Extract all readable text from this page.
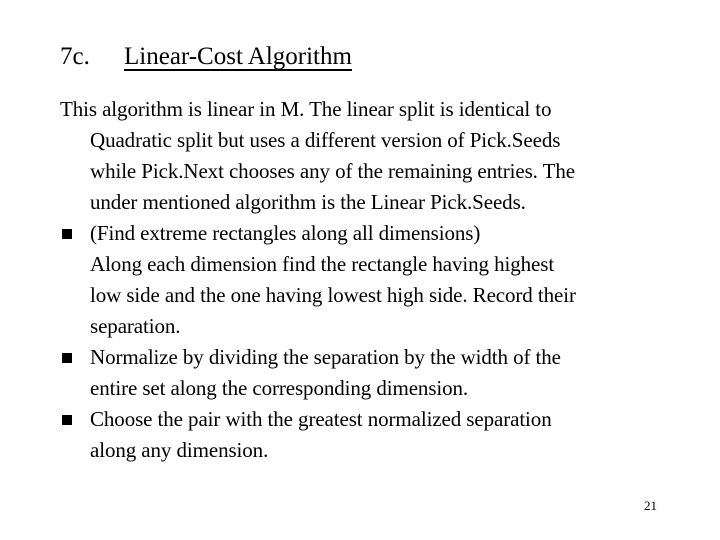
7c. Linear-Cost Algorithm
This algorithm is linear in M. The linear split is identical to
Quadratic split but uses a different version of Pick.Seeds
while Pick.Next chooses any of the remaining entries. The
under mentioned algorithm is the Linear Pick.Seeds.
(Find extreme rectangles along all dimensions)
Along each dimension find the rectangle having highest
low side and the one having lowest high side. Record their
separation.
Normalize by dividing the separation by the width of the
entire set along the corresponding dimension.
Choose the pair with the greatest normalized separation
along any dimension.
21
